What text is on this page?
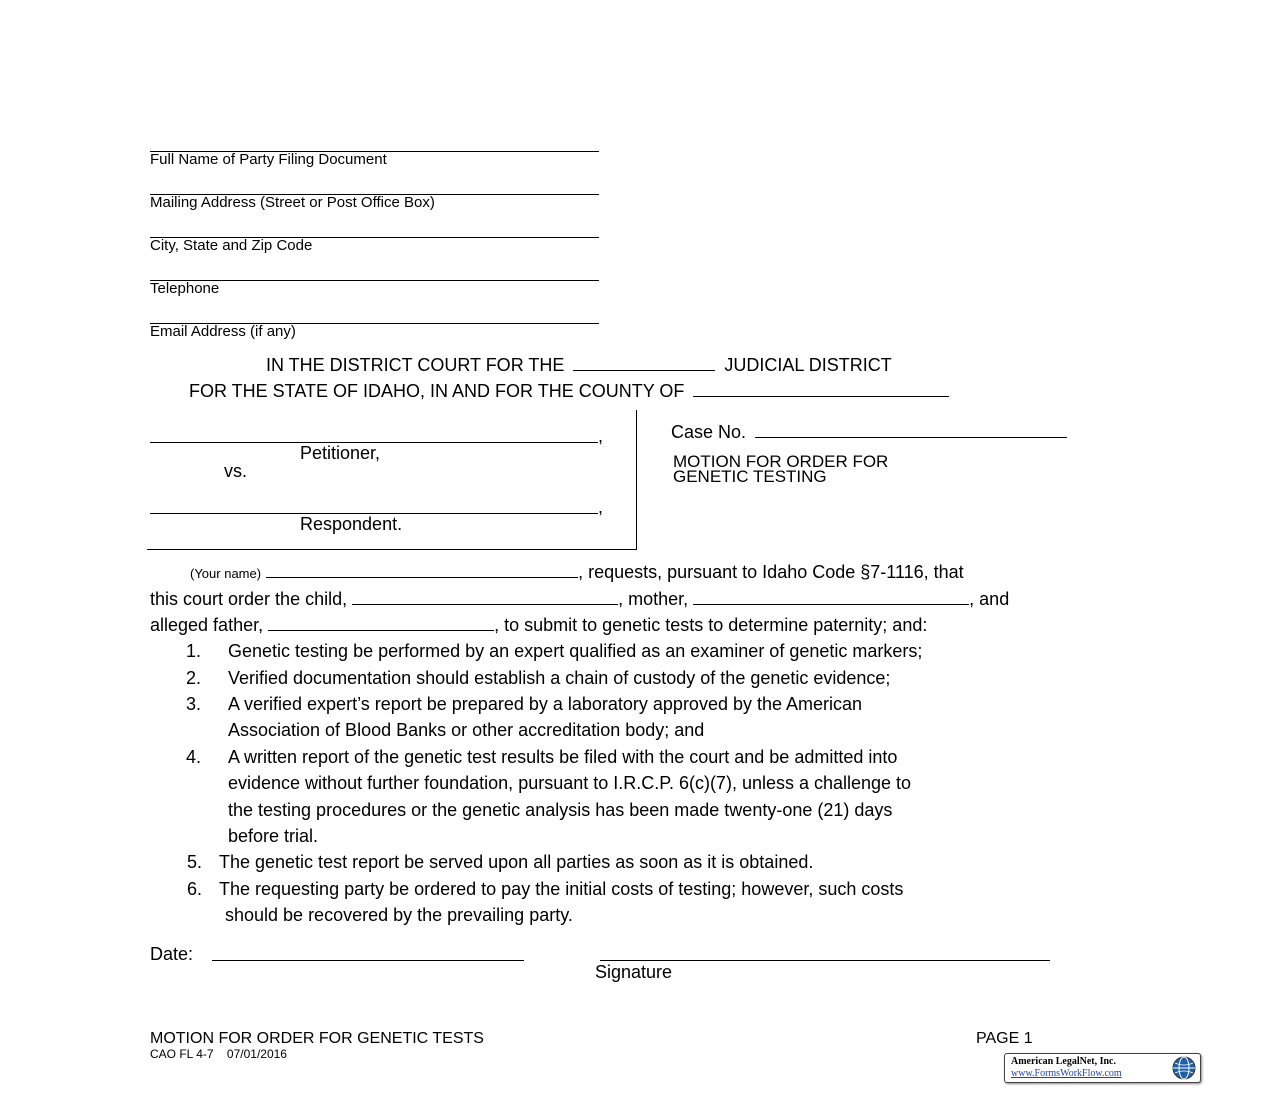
Full Name of Party Filing Document
Mailing Address (Street or Post Office Box)
City, State and Zip Code
Telephone
Email Address (if any)
IN THE DISTRICT COURT FOR THE	JUDICIAL DISTRICT
FOR THE STATE OF IDAHO, IN AND FOR THE COUNTY OF
,
Petitioner,
vs.
,
Respondent.
Case No.
MOTION FOR ORDER FOR
GENETIC TESTING
(Your name)	, requests, pursuant to Idaho Code §7-1116, that
this court order the child,	, mother,	, and
alleged father,	, to submit to genetic tests to determine paternity; and:
1. Genetic testing be performed by an expert qualified as an examiner of genetic markers;
2. Verified documentation should establish a chain of custody of the genetic evidence;
3. A verified expert’s report be prepared by a laboratory approved by the American
Association of Blood Banks or other accreditation body; and
4. A written report of the genetic test results be filed with the court and be admitted into
evidence without further foundation, pursuant to I.R.C.P. 6(c)(7), unless a challenge to
the testing procedures or the genetic analysis has been made twenty-one (21) days
before trial.
5. The genetic test report be served upon all parties as soon as it is obtained.
6. The requesting party be ordered to pay the initial costs of testing; however, such costs
should be recovered by the prevailing party.
Date:
Signature
MOTION FOR ORDER FOR GENETIC TESTS
CAO FL 4-7    07/01/2016
PAGE 1
American LegalNet, Inc.
www.FormsWorkFlow.com
